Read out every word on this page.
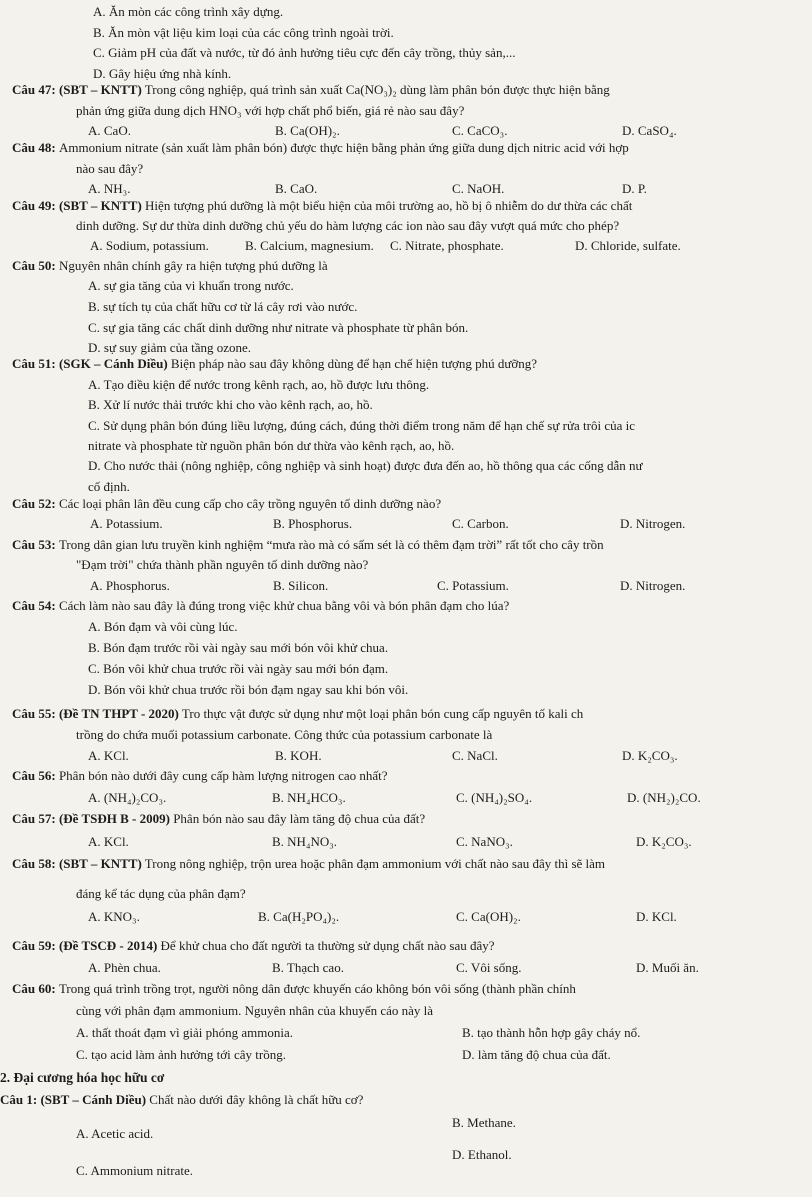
A. Ăn mòn các công trình xây dựng.
B. Ăn mòn vật liệu kim loại của các công trình ngoài trời.
C. Giảm pH của đất và nước, từ đó ảnh hưởng tiêu cực đến cây trồng, thủy sản,...
D. Gây hiệu ứng nhà kính.
Câu 47: (SBT – KNTT) Trong công nghiệp, quá trình sản xuất Ca(NO₃)₂ dùng làm phân bón được thực hiện bằng
phản ứng giữa dung dịch HNO₃ với hợp chất phổ biến, giá rẻ nào sau đây?
A. CaO.	B. Ca(OH)₂.	C. CaCO₃.	D. CaSO₄.
Câu 48: Ammonium nitrate (sản xuất làm phân bón) được thực hiện bằng phản ứng giữa dung dịch nitric acid với hợp
nào sau đây?
A. NH₃.	B. CaO.	C. NaOH.	D. P.
Câu 49: (SBT – KNTT) Hiện tượng phú dưỡng là một biểu hiện của môi trường ao, hồ bị ô nhiễm do dư thừa các chất
dinh dưỡng. Sự dư thừa dinh dưỡng chủ yếu do hàm lượng các ion nào sau đây vượt quá mức cho phép?
A. Sodium, potassium.	B. Calcium, magnesium. C. Nitrate, phosphate.	D. Chloride, sulfate.
Câu 50: Nguyên nhân chính gây ra hiện tượng phú dưỡng là
A. sự gia tăng của vi khuẩn trong nước.
B. sự tích tụ của chất hữu cơ từ lá cây rơi vào nước.
C. sự gia tăng các chất dinh dưỡng như nitrate và phosphate từ phân bón.
D. sự suy giảm của tầng ozone.
Câu 51: (SGK – Cánh Diều) Biện pháp nào sau đây không dùng để hạn chế hiện tượng phú dưỡng?
A. Tạo điều kiện để nước trong kênh rạch, ao, hồ được lưu thông.
B. Xử lí nước thải trước khi cho vào kênh rạch, ao, hồ.
C. Sử dụng phân bón đúng liều lượng, đúng cách, đúng thời điểm trong năm để hạn chế sự rửa trôi của ic
nitrate và phosphate từ nguồn phân bón dư thừa vào kênh rạch, ao, hồ.
D. Cho nước thải (nông nghiệp, công nghiệp và sinh hoạt) được đưa đến ao, hồ thông qua các cống dẫn nư
cố định.
Câu 52: Các loại phân lân đều cung cấp cho cây trồng nguyên tố dinh dưỡng nào?
A. Potassium.	B. Phosphorus.	C. Carbon.	D. Nitrogen.
Câu 53: Trong dân gian lưu truyền kinh nghiệm “mưa rào mà có sấm sét là có thêm đạm trời” rất tốt cho cây trồn
"Đạm trời" chứa thành phần nguyên tố dinh dưỡng nào?
A. Phosphorus.	B. Silicon.	C. Potassium.	D. Nitrogen.
Câu 54: Cách làm nào sau đây là đúng trong việc khử chua bằng vôi và bón phân đạm cho lúa?
A. Bón đạm và vôi cùng lúc.
B. Bón đạm trước rồi vài ngày sau mới bón vôi khử chua.
C. Bón vôi khử chua trước rồi vài ngày sau mới bón đạm.
D. Bón vôi khử chua trước rồi bón đạm ngay sau khi bón vôi.
Câu 55: (Đề TN THPT - 2020) Tro thực vật được sử dụng như một loại phân bón cung cấp nguyên tố kali ch
trồng do chứa muối potassium carbonate. Công thức của potassium carbonate là
A. KCl.	B. KOH.	C. NaCl.	D. K₂CO₃.
Câu 56: Phân bón nào dưới đây cung cấp hàm lượng nitrogen cao nhất?
A. (NH₄)₂CO₃.	B. NH₄HCO₃.	C. (NH₄)₂SO₄.	D. (NH₂)₂CO.
Câu 57: (Đề TSĐH B - 2009) Phân bón nào sau đây làm tăng độ chua của đất?
A. KCl.	B. NH₄NO₃.	C. NaNO₃.	D. K₂CO₃.
Câu 58: (SBT – KNTT) Trong nông nghiệp, trộn urea hoặc phân đạm ammonium với chất nào sau đây thì sẽ làm
đáng kể tác dụng của phân đạm?
A. KNO₃.	B. Ca(H₂PO₄)₂.	C. Ca(OH)₂.	D. KCl.
Câu 59: (Đề TSCĐ - 2014) Để khử chua cho đất người ta thường sử dụng chất nào sau đây?
A. Phèn chua.	B. Thạch cao.	C. Vôi sống.	D. Muối ăn.
Câu 60: Trong quá trình trồng trọt, người nông dân được khuyến cáo không bón vôi sống (thành phần chính
cùng với phân đạm ammonium. Nguyên nhân của khuyến cáo này là
A. thất thoát đạm vì giải phóng ammonia.	B. tạo thành hỗn hợp gây cháy nổ.
C. tạo acid làm ảnh hưởng tới cây trồng.	D. làm tăng độ chua của đất.
2. Đại cương hóa học hữu cơ
Câu 1: (SBT – Cánh Diều) Chất nào dưới đây không là chất hữu cơ?
B. Methane.
A. Acetic acid.
D. Ethanol.
C. Ammonium nitrate.
